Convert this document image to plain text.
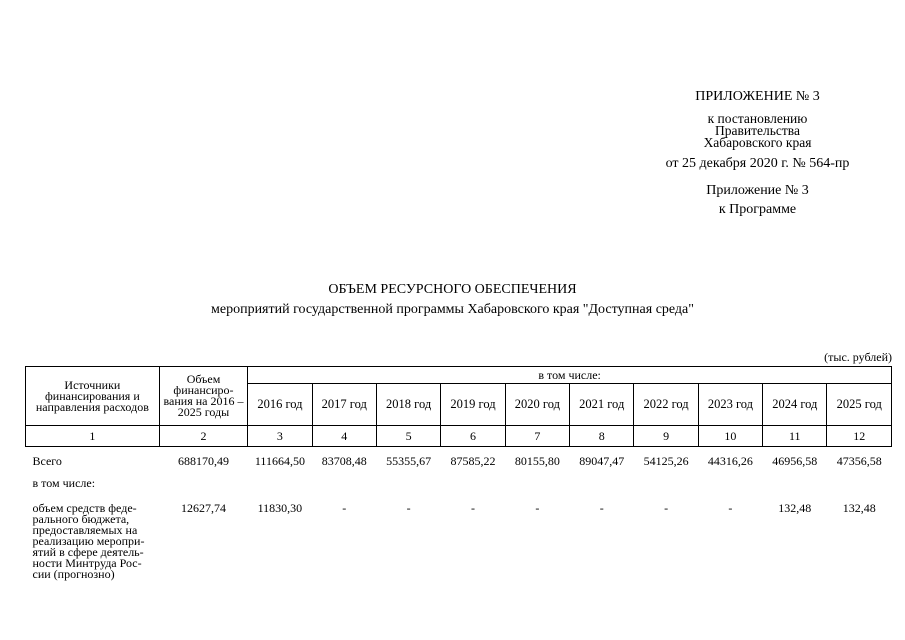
ПРИЛОЖЕНИЕ № 3
к постановлению
Правительства
Хабаровского края
от 25 декабря 2020 г. № 564-пр
Приложение № 3
к Программе
ОБЪЕМ РЕСУРСНОГО ОБЕСПЕЧЕНИЯ
мероприятий государственной программы Хабаровского края "Доступная среда"
(тыс. рублей)
Источники финансирования и направления расходов	Объем финансиро-вания на 2016 – 2025 годы	в том числе:									
		2016 год	2017 год	2018 год	2019 год	2020 год	2021 год	2022 год	2023 год	2024 год	2025 год
1	2	3	4	5	6	7	8	9	10	11	12
Всего	688170,49	111664,50	83708,48	55355,67	87585,22	80155,80	89047,47	54125,26	44316,26	46956,58	47356,58
в том числе:											
объем средств феде-рального бюджета, предоставляемых на реализацию меропри-ятий в сфере деятель-ности Минтруда Рос-сии (прогнозно)	12627,74	11830,30	-	-	-	-	-	-	-	132,48	132,48
